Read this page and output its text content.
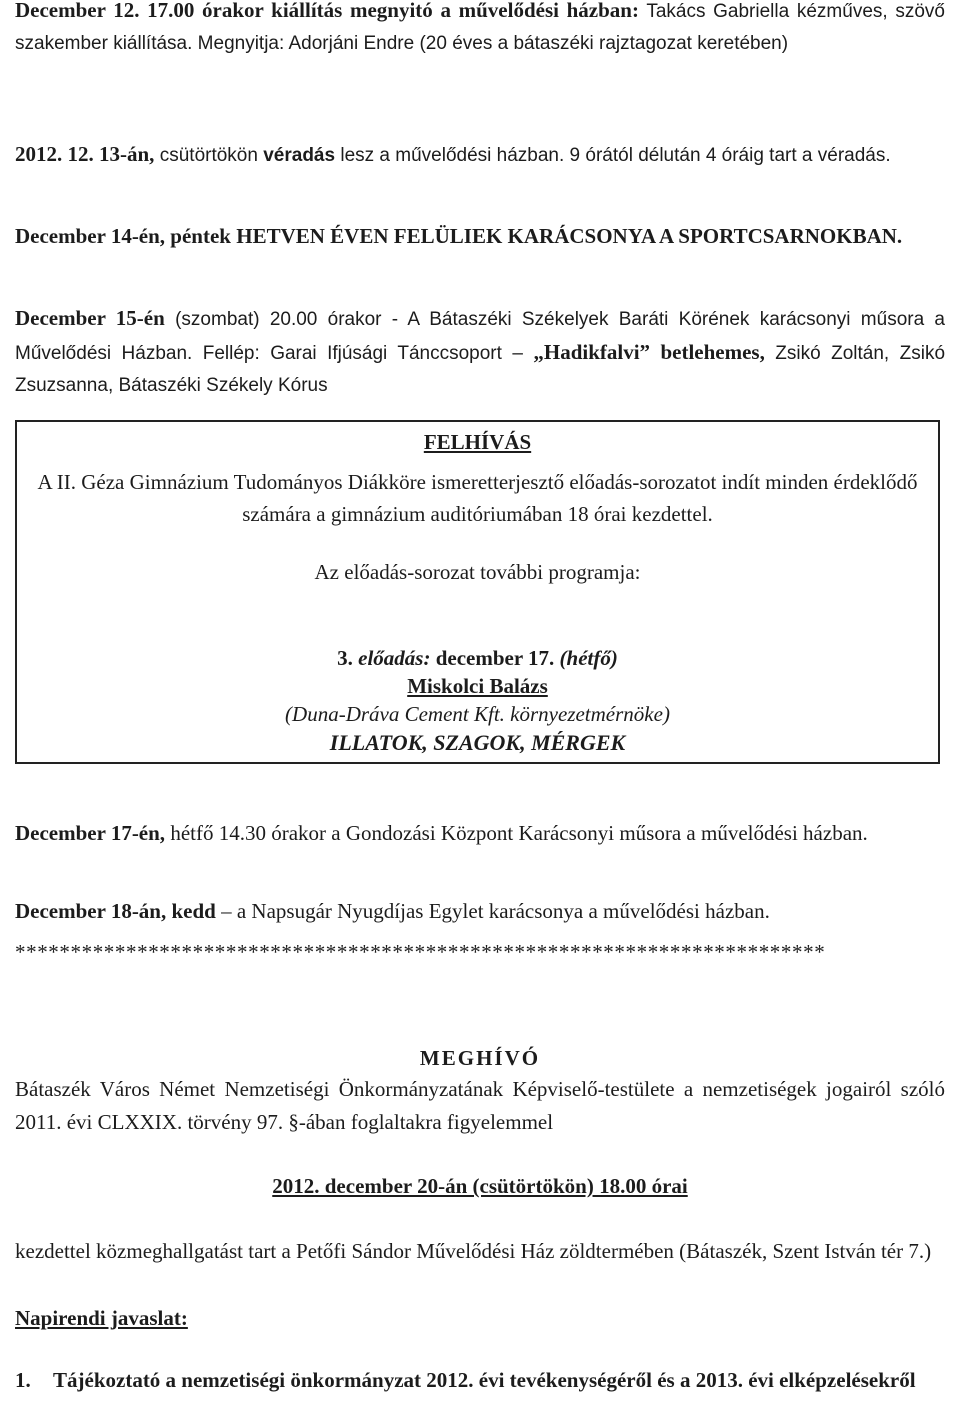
December 12. 17.00 órakor kiállítás megnyitó a művelődési házban: Takács Gabriella kézműves, szövő szakember kiállítása. Megnyitja: Adorjáni Endre (20 éves a bátaszéki rajztagozat keretében)

2012. 12. 13-án, csütörtökön véradás lesz a művelődési házban. 9 órától délután 4 óráig tart a véradás.

December 14-én, péntek HETVEN ÉVEN FELÜLIEK KARÁCSONYA A SPORTCSARNOKBAN.

December 15-én (szombat) 20.00 órakor - A Bátaszéki Székelyek Baráti Körének karácsonyi műsora a Művelődési Házban. Fellép: Garai Ifjúsági Tánccsoport – „Hadikfalvi” betlehemes, Zsikó Zoltán, Zsikó Zsuzsanna, Bátaszéki Székely Kórus

FELHÍVÁS

A II. Géza Gimnázium Tudományos Diákköre ismeretterjesztő előadás-sorozatot indít minden érdeklődő számára a gimnázium auditóriumában 18 órai kezdettel.

Az előadás-sorozat további programja:

3. előadás: december 17. (hétfő)

Miskolci Balázs

(Duna-Dráva Cement Kft. környezetmérnöke)

ILLATOK, SZAGOK, MÉRGEK

December 17-én, hétfő 14.30 órakor a Gondozási Központ Karácsonyi műsora a művelődési házban.

December 18-án, kedd – a Napsugár Nyugdíjas Egylet karácsonya a művelődési házban.

*************************************************************************
MEGHÍVÓ

Bátaszék Város Német Nemzetiségi Önkormányzatának Képviselő-testülete a nemzetiségek jogairól szóló 2011. évi CLXXIX. törvény 97. §-ában foglaltakra figyelemmel

2012. december 20-án (csütörtökön) 18.00 órai

kezdettel közmeghallgatást tart a Petőfi Sándor Művelődési Ház zöldtermében (Bátaszék, Szent István tér 7.)

Napirendi javaslat:

1.	Tájékoztató a nemzetiségi önkormányzat 2012. évi tevékenységéről és a 2013. évi elképzelésekről
